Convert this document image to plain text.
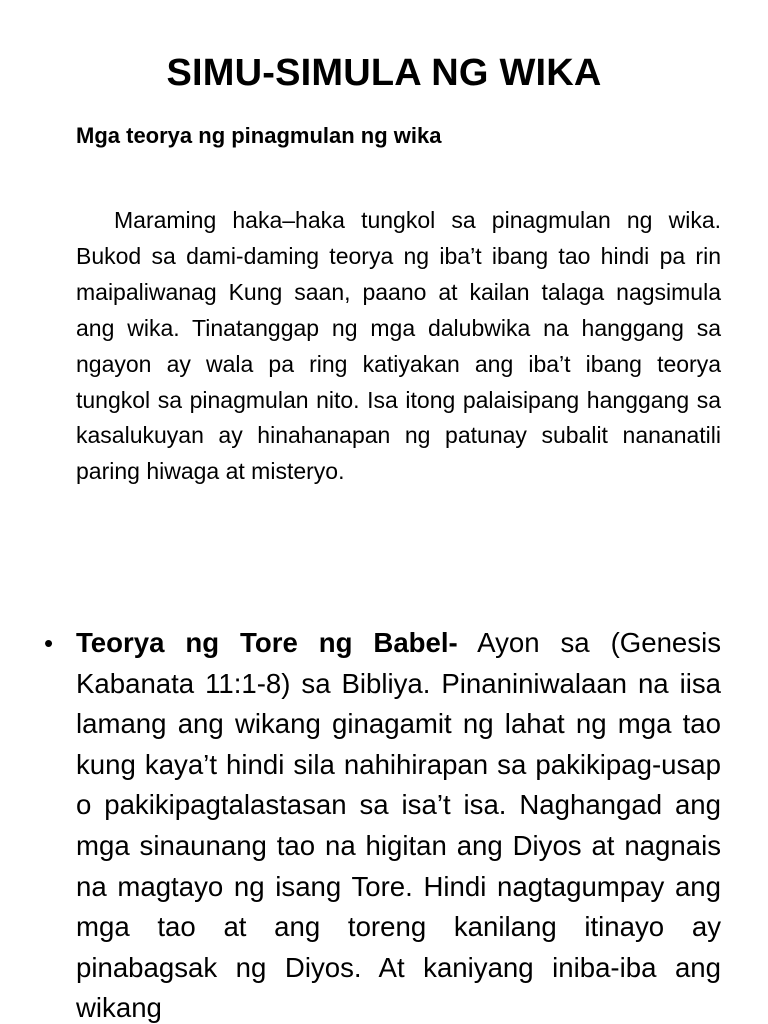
SIMU-SIMULA NG WIKA

Mga teorya ng pinagmulan ng wika

Maraming haka–haka tungkol sa pinagmulan ng wika. Bukod sa dami-daming teorya ng iba’t ibang tao hindi pa rin maipaliwanag Kung saan, paano at kailan talaga nagsimula ang wika. Tinatanggap ng mga dalubwika na hanggang sa ngayon ay wala pa ring katiyakan ang iba’t ibang teorya tungkol sa pinagmulan nito. Isa itong palaisipang hanggang sa kasalukuyan ay hinahanapan ng patunay subalit nananatili paring hiwaga at misteryo.

• Teorya ng Tore ng Babel- Ayon sa (Genesis Kabanata 11:1-8) sa Bibliya. Pinaniniwalaan na iisa lamang ang wikang ginagamit ng lahat ng mga tao kung kaya’t hindi sila nahihirapan sa pakikipag-usap o pakikipagtalastasan sa isa’t isa. Naghangad ang mga sinaunang tao na higitan ang Diyos at nagnais na magtayo ng isang Tore. Hindi nagtagumpay ang mga tao at ang toreng kanilang itinayo ay pinabagsak ng Diyos. At kaniyang iniba-iba ang wikang
